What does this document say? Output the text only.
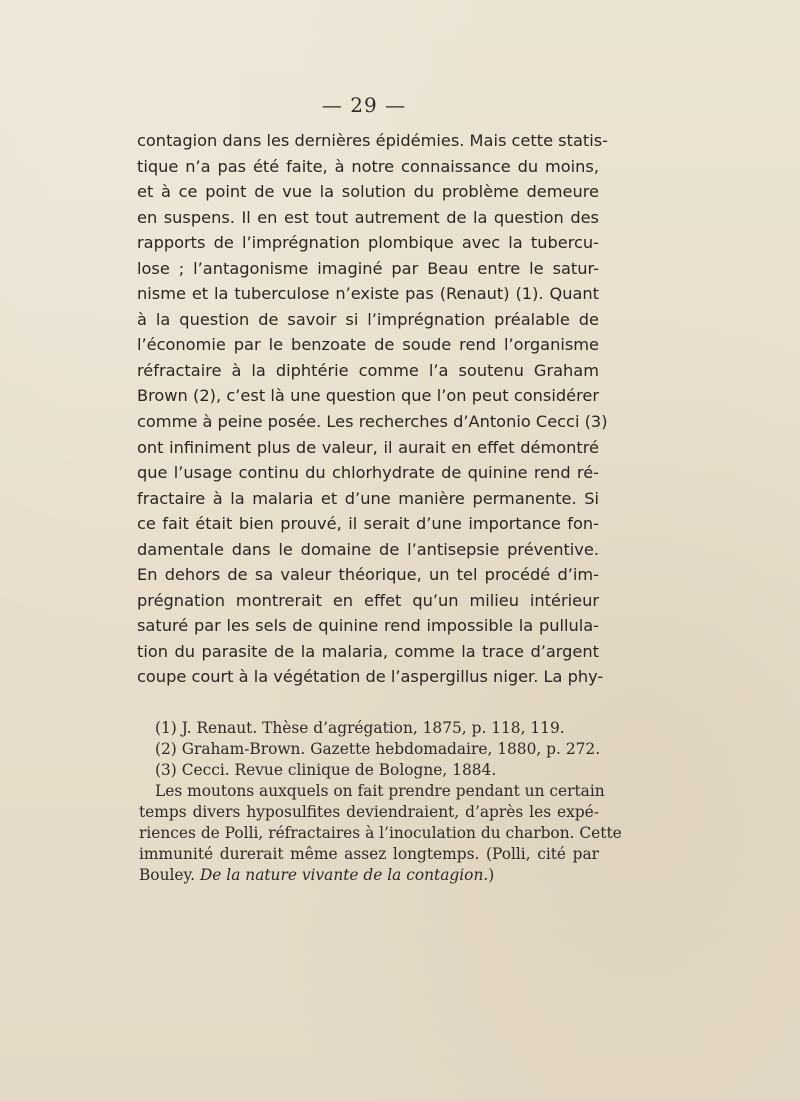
— 29 —
contagion dans les dernières épidémies. Mais cette statis-
tique n’a pas été faite, à notre connaissance du moins,
et à ce point de vue la solution du problème demeure
en suspens. Il en est tout autrement de la question des
rapports de l’imprégnation plombique avec la tubercu-
lose ; l’antagonisme imaginé par Beau entre le satur-
nisme et la tuberculose n’existe pas (Renaut) (1). Quant
à la question de savoir si l’imprégnation préalable de
l’économie par le benzoate de soude rend l’organisme
réfractaire à la diphtérie comme l’a soutenu Graham
Brown (2), c’est là une question que l’on peut considérer
comme à peine posée. Les recherches d’Antonio Cecci (3)
ont infiniment plus de valeur, il aurait en effet démontré
que l’usage continu du chlorhydrate de quinine rend ré-
fractaire à la malaria et d’une manière permanente. Si
ce fait était bien prouvé, il serait d’une importance fon-
damentale dans le domaine de l’antisepsie préventive.
En dehors de sa valeur théorique, un tel procédé d’im-
prégnation montrerait en effet qu’un milieu intérieur
saturé par les sels de quinine rend impossible la pullula-
tion du parasite de la malaria, comme la trace d’argent
coupe court à la végétation de l’aspergillus niger. La phy-
(1) J. Renaut. Thèse d’agrégation, 1875, p. 118, 119.
(2) Graham-Brown. Gazette hebdomadaire, 1880, p. 272.
(3) Cecci. Revue clinique de Bologne, 1884.
Les moutons auxquels on fait prendre pendant un certain
temps divers hyposulfites deviendraient, d’après les expé-
riences de Polli, réfractaires à l’inoculation du charbon. Cette
immunité durerait même assez longtemps. (Polli, cité par
Bouley. De la nature vivante de la contagion.)
